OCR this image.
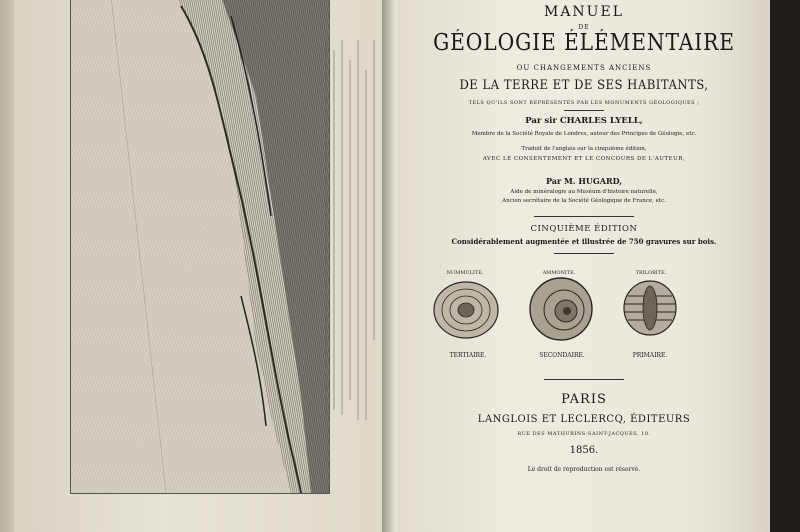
MANUEL
DE
GÉOLOGIE ÉLÉMENTAIRE
OU CHANGEMENTS ANCIENS
DE LA TERRE ET DE SES HABITANTS,
TELS QU'ILS SONT REPRÉSENTÉS PAR LES MONUMENTS GÉOLOGIQUES ;
Par sir CHARLES LYELL,
Membre de la Société Royale de Londres, auteur des Principes de Géologie, etc.
Traduit de l'anglais sur la cinquième édition,
AVEC LE CONSENTEMENT ET LE CONCOURS DE L'AUTEUR,
Par M. HUGARD,
Aide de minéralogie au Muséum d'histoire naturelle,
Ancien secrétaire de la Société Géologique de France, etc.
CINQUIÈME ÉDITION
Considérablement augmentée et illustrée de 750 gravures sur bois.
NUMMULITE.	AMMONITE.	TRILOBITE.
TERTIAIRE.	SECONDAIRE.	PRIMAIRE.
PARIS
LANGLOIS ET LECLERCQ, ÉDITEURS
RUE DES MATHURINS-SAINT-JACQUES, 10.
1856.
Le droit de reproduction est réservé.
